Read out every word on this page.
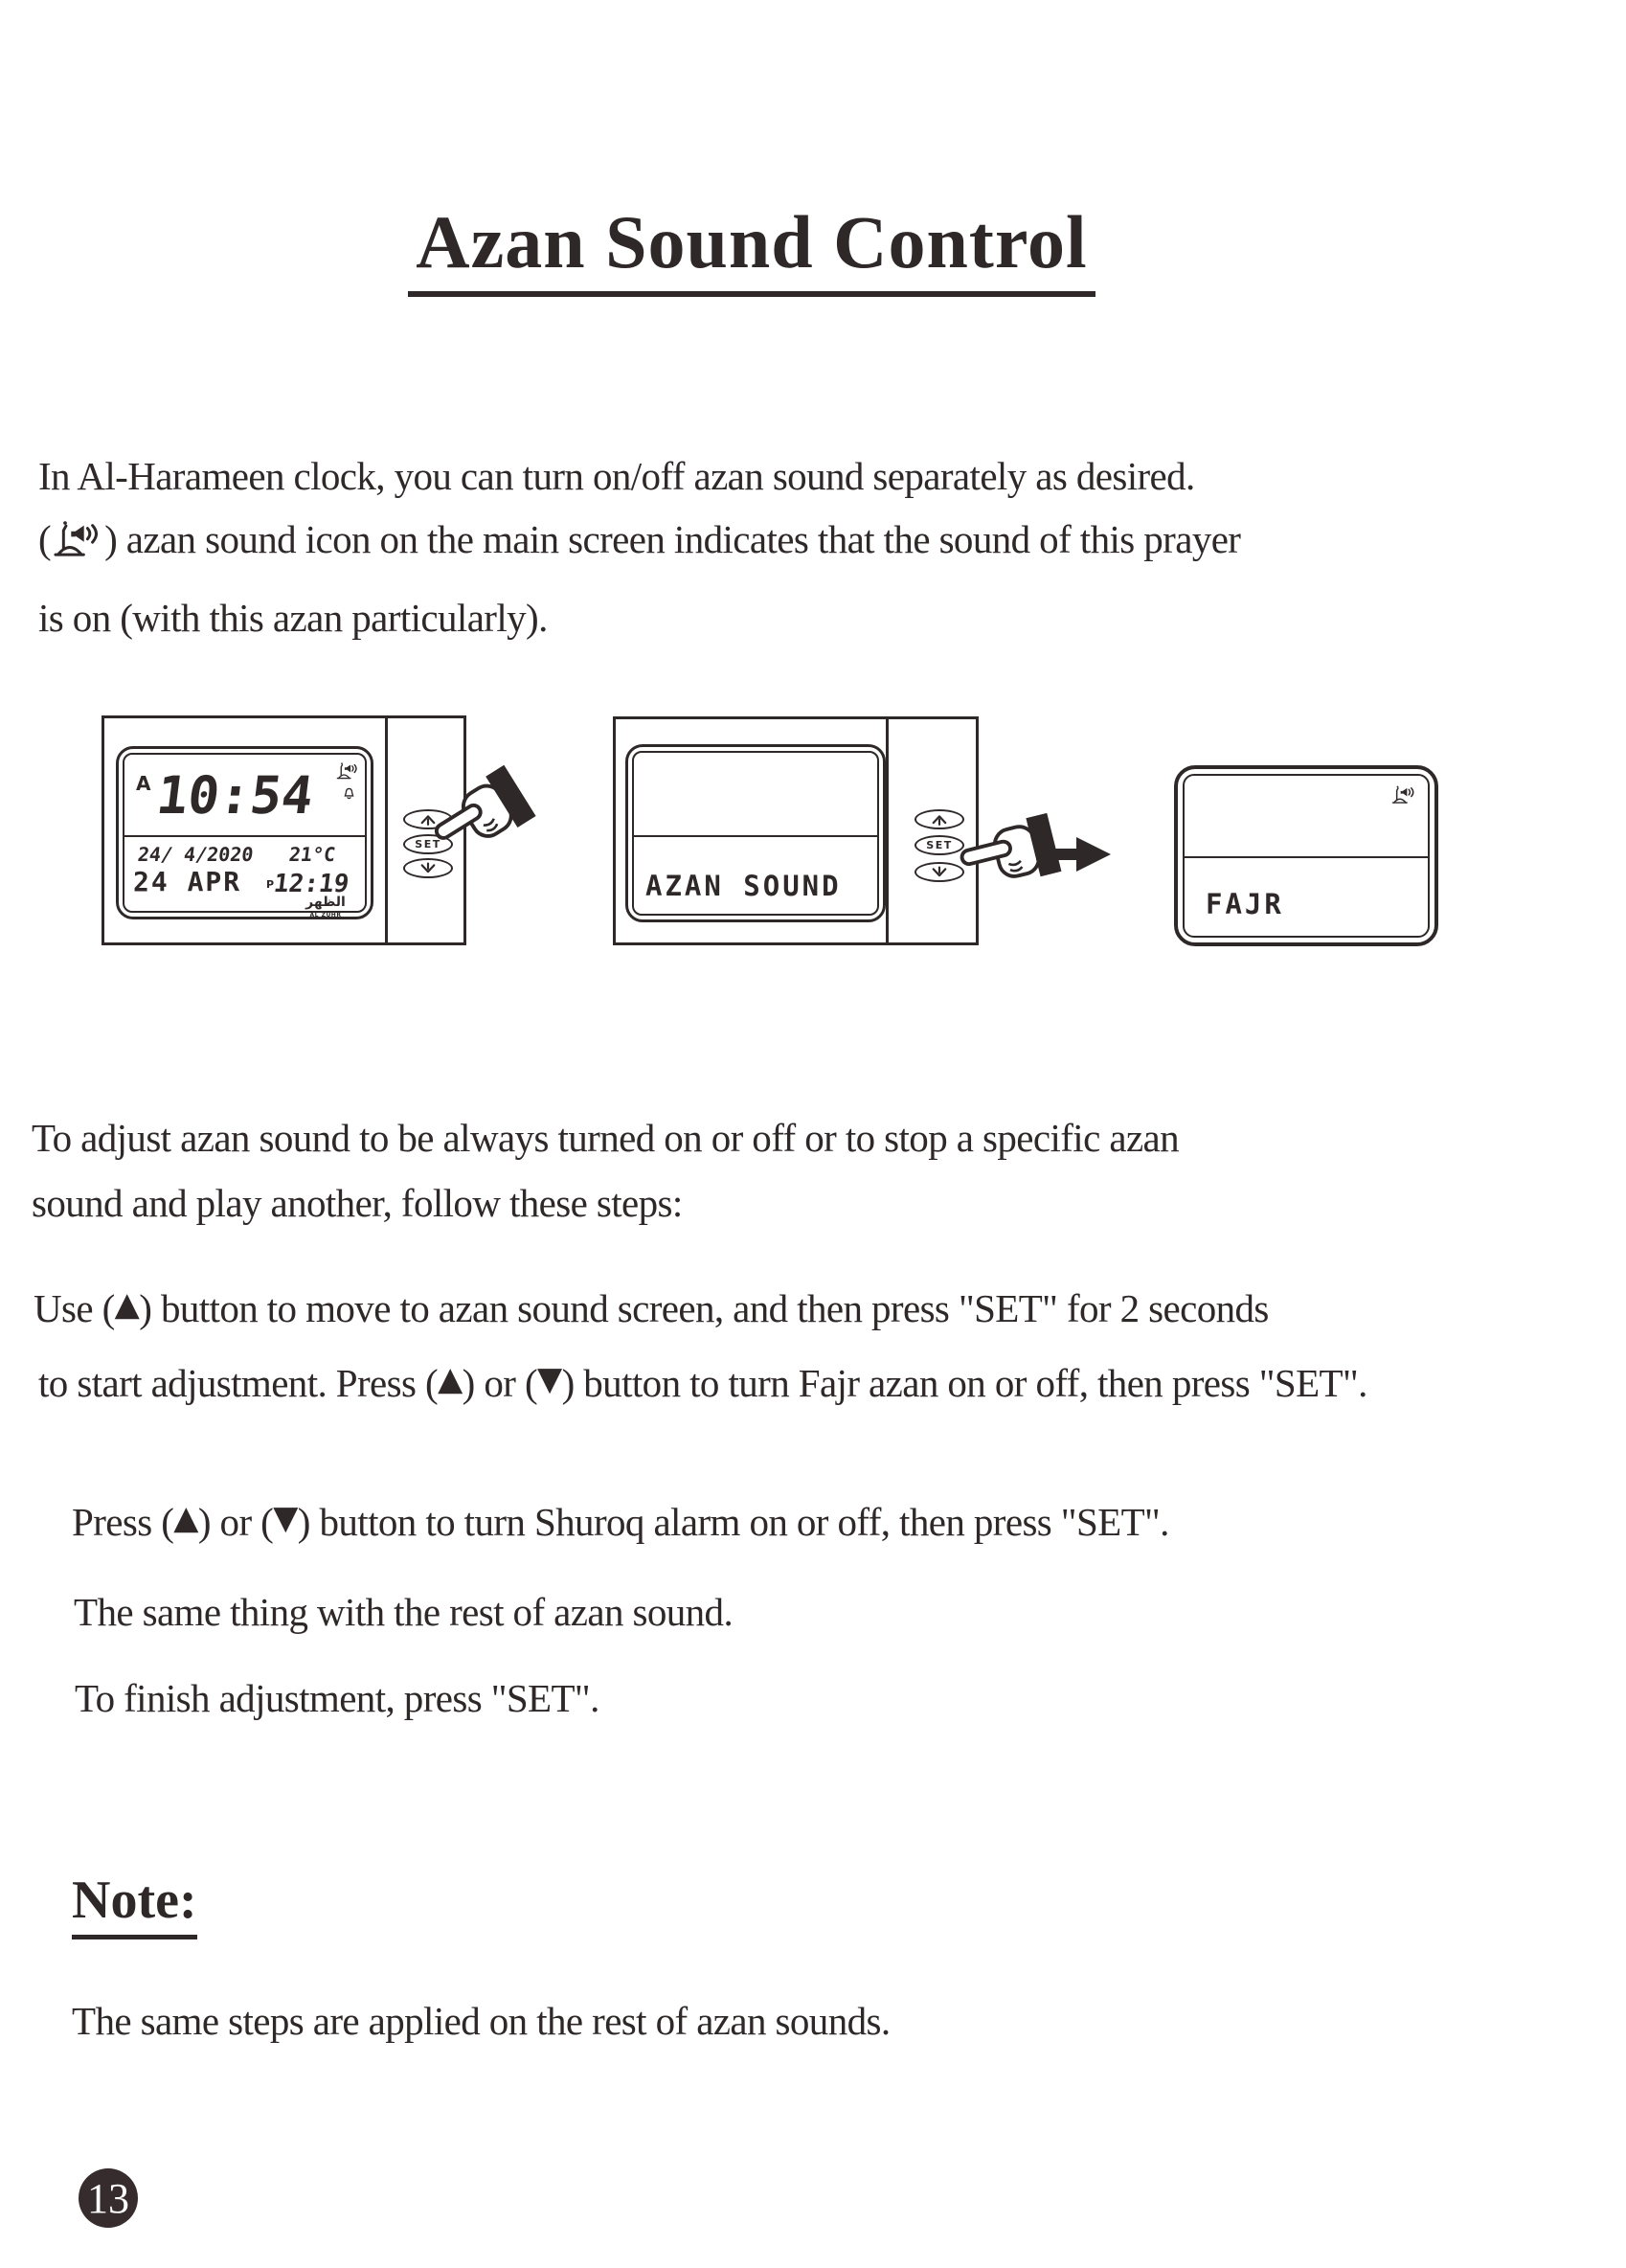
Azan Sound Control
In Al-Harameen clock, you can turn on/off azan sound separately as desired.
( ) azan sound icon on the main screen indicates that the sound of this prayer
is on (with this azan particularly).
SET
A 10:54
24/ 4/2020 21°C
24 APR P12:19
الظهر
AL ZUHR
SET
AZAN SOUND
FAJR
To adjust azan sound to be always turned on or off or to stop a specific azan
sound and play another, follow these steps:
Use (▲) button to move to azan sound screen, and then press "SET" for 2 seconds
to start adjustment. Press (▲) or (▼) button to turn Fajr azan on or off, then press "SET".
Press (▲) or (▼) button to turn Shuroq alarm on or off, then press "SET".
The same thing with the rest of azan sound.
To finish adjustment, press "SET".
Note:
The same steps are applied on the rest of azan sounds.
13
